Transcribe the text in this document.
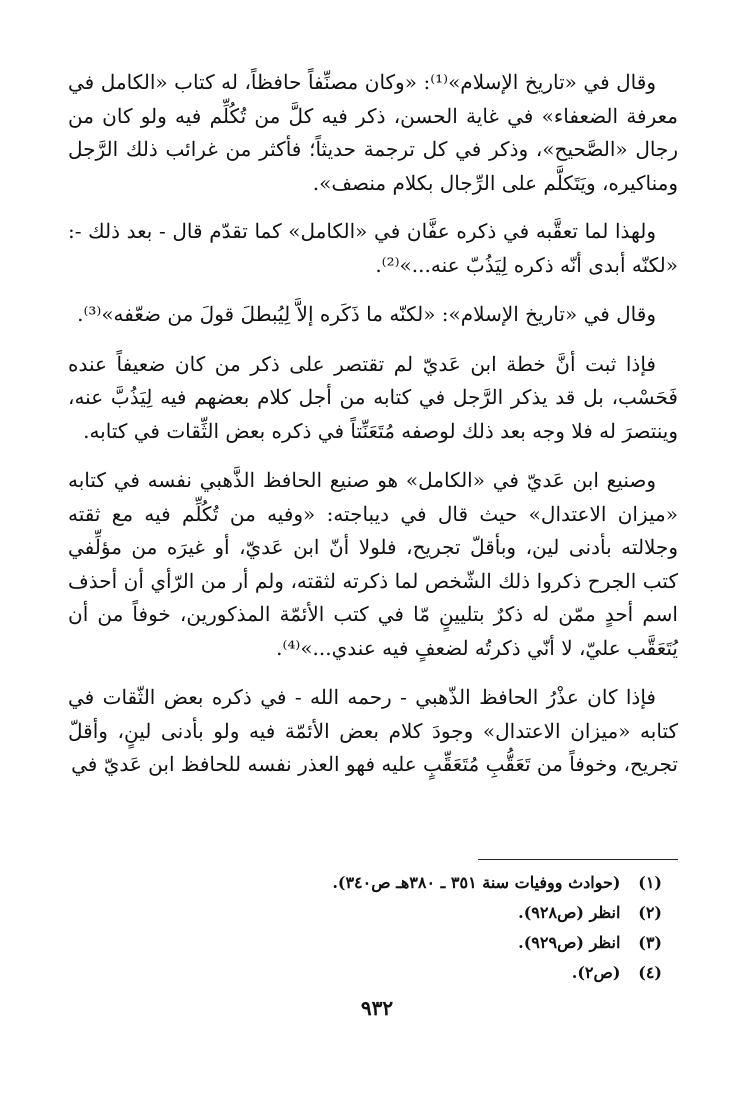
وقال في «تاريخ الإسلام»⁽¹⁾: «وكان مصنِّفاً حافظاً، له كتاب «الكامل في معرفة الضعفاء» في غاية الحسن، ذكر فيه كلَّ من تُكُلِّم فيه ولو كان من رجال «الصَّحيح»، وذكر في كل ترجمة حديثاً؛ فأكثر من غرائب ذلك الرَّجل ومناكيره، ويَتَكلَّم على الرِّجال بكلام منصف».

ولهذا لما تعقَّبه في ذكره عفَّان في «الكامل» كما تقدّم قال - بعد ذلك -: «لكنّه أبدى أنّه ذكره لِيَذُبّ عنه...»⁽²⁾.

وقال في «تاريخ الإسلام»: «لكنّه ما ذَكَره إلاَّ لِيُبطلَ قولَ من ضعّفه»⁽³⁾.

فإذا ثبت أنَّ خطة ابن عَديّ لم تقتصر على ذكر من كان ضعيفاً عنده فَحَسْب، بل قد يذكر الرَّجل في كتابه من أجل كلام بعضهم فيه لِيَذُبَّ عنه، وينتصرَ له فلا وجه بعد ذلك لوصفه مُتَعَنِّتاً في ذكره بعض الثِّقات في كتابه.

وصنيع ابن عَديّ في «الكامل» هو صنيع الحافظ الذَّهبي نفسه في كتابه «ميزان الاعتدال» حيث قال في ديباجته: «وفيه من تُكُلِّم فيه مع ثقته وجلالته بأدنى لين، وبأقلّ تجريح، فلولا أنّ ابن عَديّ، أو غيرَه من مؤلِّفي كتب الجرح ذكروا ذلك الشّخص لما ذكرته لثقته، ولم أر من الرّأي أن أحذف اسم أحدٍ ممّن له ذكرٌ بتليينٍ مّا في كتب الأئمّة المذكورين، خوفاً من أن يُتَعَقَّب عليّ، لا أنّي ذكرتُه لضعفٍ فيه عندي...»⁽⁴⁾.

فإذا كان عذْرُ الحافظ الذّهبي - رحمه الله - في ذكره بعض الثّقات في كتابه «ميزان الاعتدال» وجودَ كلام بعض الأئمّة فيه ولو بأدنى لينٍ، وأقلّ تجريح، وخوفاً من تَعَقُّبِ مُتَعَقِّبٍ عليه فهو العذر نفسه للحافظ ابن عَديّ في

(١) (حوادث ووفيات سنة ٣٥١ ـ ٣٨٠هـ ص٣٤٠).
(٢) انظر (ص٩٢٨).
(٣) انظر (ص٩٢٩).
(٤) (ص٢).
٩٣٢
